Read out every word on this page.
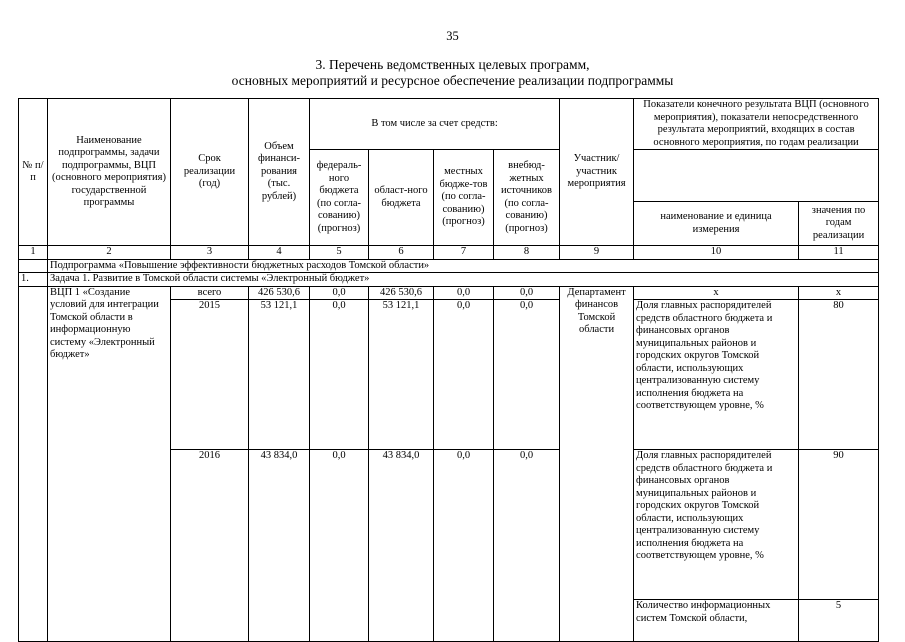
35
3. Перечень ведомственных целевых программ,
основных мероприятий и ресурсное обеспечение реализации подпрограммы
№ п/п	Наименование подпрограммы, задачи подпрограммы, ВЦП (основного мероприятия) государственной программы	Срок реализации (год)	Объем финанси-рования (тыс. рублей)	В том числе за счет средств:				Участник/ участник мероприятия	Показатели конечного результата ВЦП (основного мероприятия), показатели непосредственного результата мероприятий, входящих в состав основного мероприятия, по годам реализации	
				федераль-ного бюджета (по согла-сованию) (прогноз)	област-ного бюджета	местных бюдже-тов (по согла-сованию) (прогноз)	внебюд-жетных источников (по согла-сованию) (прогноз)			
									наименование и единица измерения	значения по годам реализации
1	2	3	4	5	6	7	8	9	10	11
	Подпрограмма «Повышение эффективности бюджетных расходов Томской области»									
1.	Задача 1. Развитие в Томской области системы «Электронный бюджет»									
	ВЦП 1 «Создание условий для интеграции Томской области в информационную систему «Электронный бюджет»	всего	426 530,6	0,0	426 530,6	0,0	0,0	Департамент финансов Томской области	x	x
		2015	53 121,1	0,0	53 121,1	0,0	0,0		Доля главных распорядителей средств областного бюджета и финансовых органов муниципальных районов и городских округов Томской области, использующих централизованную систему исполнения бюджета на соответствующем уровне, %	80
		2016	43 834,0	0,0	43 834,0	0,0	0,0		Доля главных распорядителей средств областного бюджета и финансовых органов муниципальных районов и городских округов Томской области, использующих централизованную систему исполнения бюджета на соответствующем уровне, %	90
									Количество информационных систем Томской области,	5
